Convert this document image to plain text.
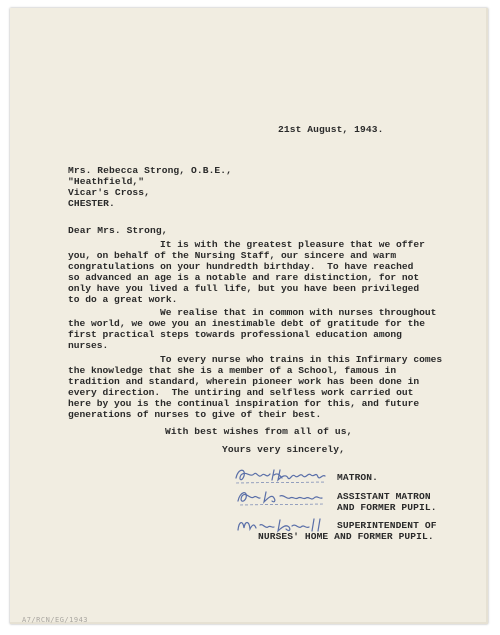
21st August, 1943.
Mrs. Rebecca Strong, O.B.E.,
"Heathfield,"
Vicar's Cross,
CHESTER.
Dear Mrs. Strong,
It is with the greatest pleasure that we offer
you, on behalf of the Nursing Staff, our sincere and warm
congratulations on your hundredth birthday.  To have reached
so advanced an age is a notable and rare distinction, for not
only have you lived a full life, but you have been privileged
to do a great work.
We realise that in common with nurses throughout
the world, we owe you an inestimable debt of gratitude for the
first practical steps towards professional education among
nurses.
To every nurse who trains in this Infirmary comes
the knowledge that she is a member of a School, famous in
tradition and standard, wherein pioneer work has been done in
every direction.  The untiring and selfless work carried out
here by you is the continual inspiration for this, and future
generations of nurses to give of their best.
With best wishes from all of us,
Yours very sincerely,
MATRON.
ASSISTANT MATRON
AND FORMER PUPIL.
SUPERINTENDENT OF
NURSES' HOME AND FORMER PUPIL.
A7/RCN/EG/1943
